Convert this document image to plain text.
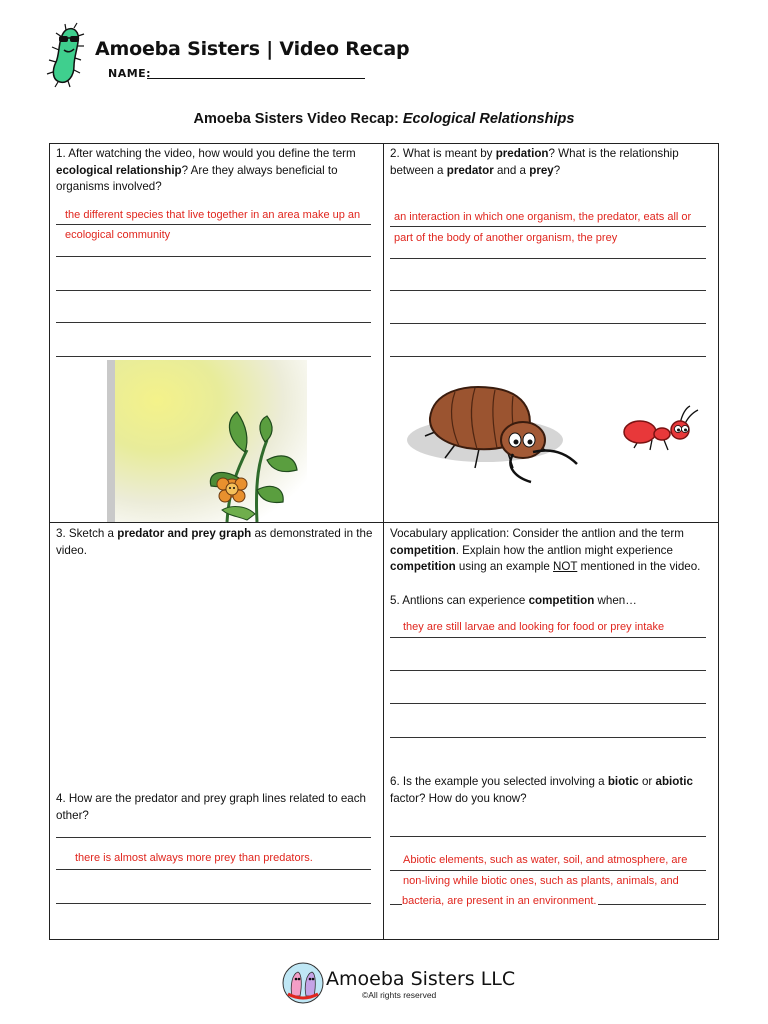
Amoeba Sisters | Video Recap
NAME:
Amoeba Sisters Video Recap: Ecological Relationships
1. After watching the video, how would you define the term ecological relationship? Are they always beneficial to organisms involved?
the different species that live together in an area make up an
ecological community
2. What is meant by predation? What is the relationship between a predator and a prey?
an interaction in which one organism, the predator, eats all or
part of the body of another organism, the prey
3. Sketch a predator and prey graph as demonstrated in the video.
4. How are the predator and prey graph lines related to each other?
there is almost always more prey than predators.
Vocabulary application: Consider the antlion and the term competition. Explain how the antlion might experience competition using an example NOT mentioned in the video.
5. Antlions can experience competition when…
they are still larvae and looking for food or prey intake
6. Is the example you selected involving a biotic or abiotic factor? How do you know?
Abiotic elements, such as water, soil, and atmosphere, are
non-living while biotic ones, such as plants, animals, and
bacteria, are present in an environment.
Amoeba Sisters LLC
©All rights reserved
